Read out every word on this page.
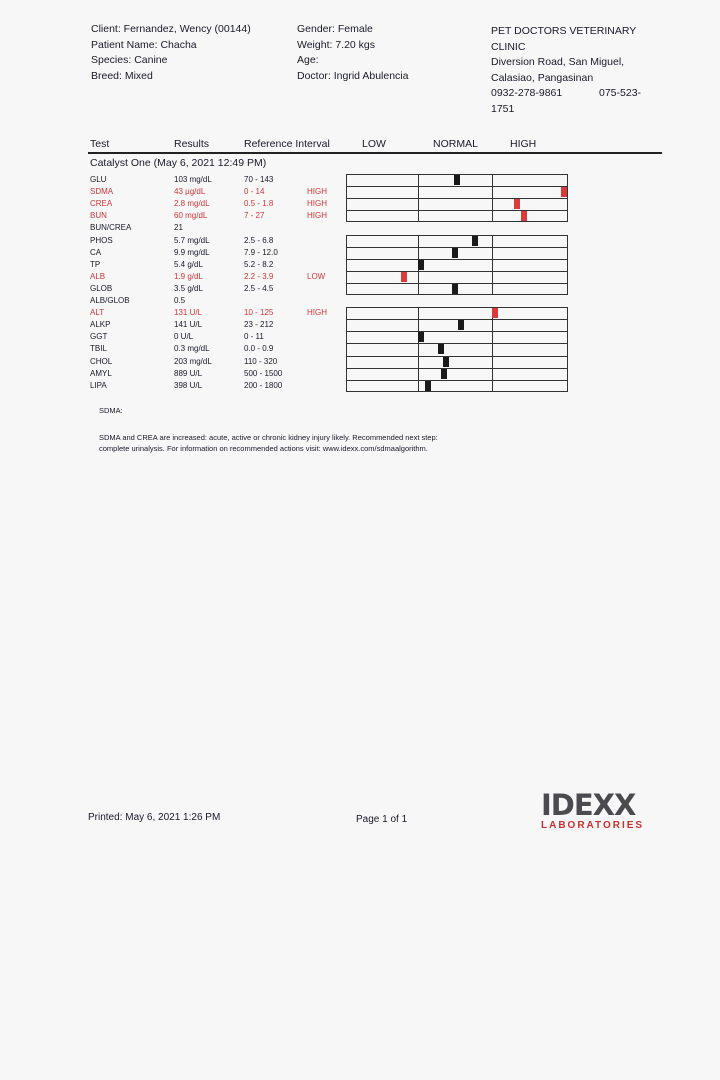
Client: Fernandez, Wency (00144)
Patient Name: Chacha
Species: Canine
Breed: Mixed
Gender: Female
Weight: 7.20 kgs
Age:
Doctor: Ingrid Abulencia
PET DOCTORS VETERINARY
CLINIC
Diversion Road, San Miguel,
Calasiao, Pangasinan
0932-278-9861	075-523-
1751
Test	Results	Reference Interval	LOW	NORMAL	HIGH
Catalyst One (May 6, 2021 12:49 PM)
GLU	103 mg/dL	70 - 143
SDMA	43 µg/dL	0 - 14	HIGH
CREA	2.8 mg/dL	0.5 - 1.8	HIGH
BUN	60 mg/dL	7 - 27	HIGH
BUN/CREA	21
PHOS	5.7 mg/dL	2.5 - 6.8
CA	9.9 mg/dL	7.9 - 12.0
TP	5.4 g/dL	5.2 - 8.2
ALB	1.9 g/dL	2.2 - 3.9	LOW
GLOB	3.5 g/dL	2.5 - 4.5
ALB/GLOB	0.5
ALT	131 U/L	10 - 125	HIGH
ALKP	141 U/L	23 - 212
GGT	0 U/L	0 - 11
TBIL	0.3 mg/dL	0.0 - 0.9
CHOL	203 mg/dL	110 - 320
AMYL	889 U/L	500 - 1500
LIPA	398 U/L	200 - 1800
SDMA:
SDMA and CREA are increased: acute, active or chronic kidney injury likely. Recommended next step:
complete urinalysis. For information on recommended actions visit: www.idexx.com/sdmaalgorithm.
Printed: May 6, 2021 1:26 PM	Page 1 of 1	IDEXX
LABORATORIES
